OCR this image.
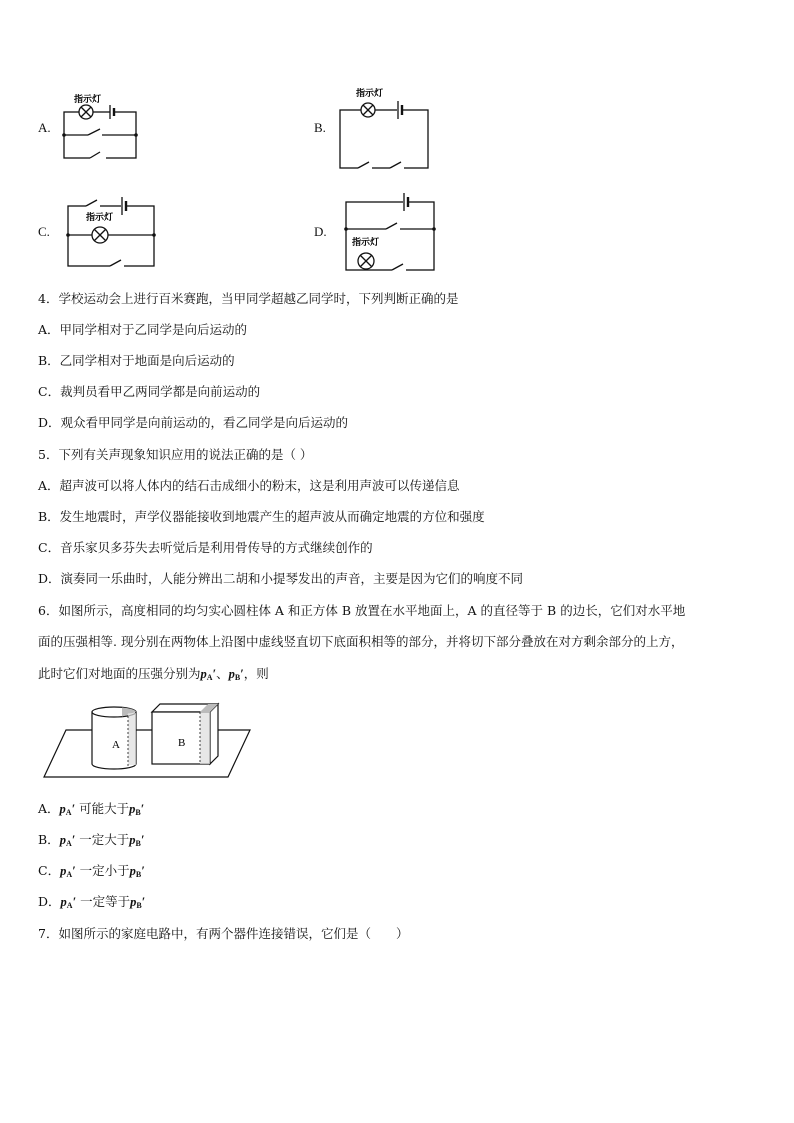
A.
指示灯
B.
指示灯
C.
指示灯
D.
指示灯
4．学校运动会上进行百米赛跑，当甲同学超越乙同学时，下列判断正确的是
A．甲同学相对于乙同学是向后运动的
B．乙同学相对于地面是向后运动的
C．裁判员看甲乙两同学都是向前运动的
D．观众看甲同学是向前运动的，看乙同学是向后运动的
5．下列有关声现象知识应用的说法正确的是（ ）
A．超声波可以将人体内的结石击成细小的粉末，这是利用声波可以传递信息
B．发生地震时，声学仪器能接收到地震产生的超声波从而确定地震的方位和强度
C．音乐家贝多芬失去听觉后是利用骨传导的方式继续创作的
D．演奏同一乐曲时，人能分辨出二胡和小提琴发出的声音，主要是因为它们的响度不同
6．如图所示，高度相同的均匀实心圆柱体 A 和正方体 B 放置在水平地面上，A 的直径等于 B 的边长，它们对水平地
面的压强相等. 现分别在两物体上沿图中虚线竖直切下底面积相等的部分，并将切下部分叠放在对方剩余部分的上方，
此时它们对地面的压强分别为$p_A'$、$p_B'$，则
A	B
A．$p_A'$ 可能大于$p_B'$
B．$p_A'$ 一定大于$p_B'$
C．$p_A'$ 一定小于$p_B'$
D．$p_A'$ 一定等于$p_B'$
7．如图所示的家庭电路中，有两个器件连接错误，它们是（　　）
